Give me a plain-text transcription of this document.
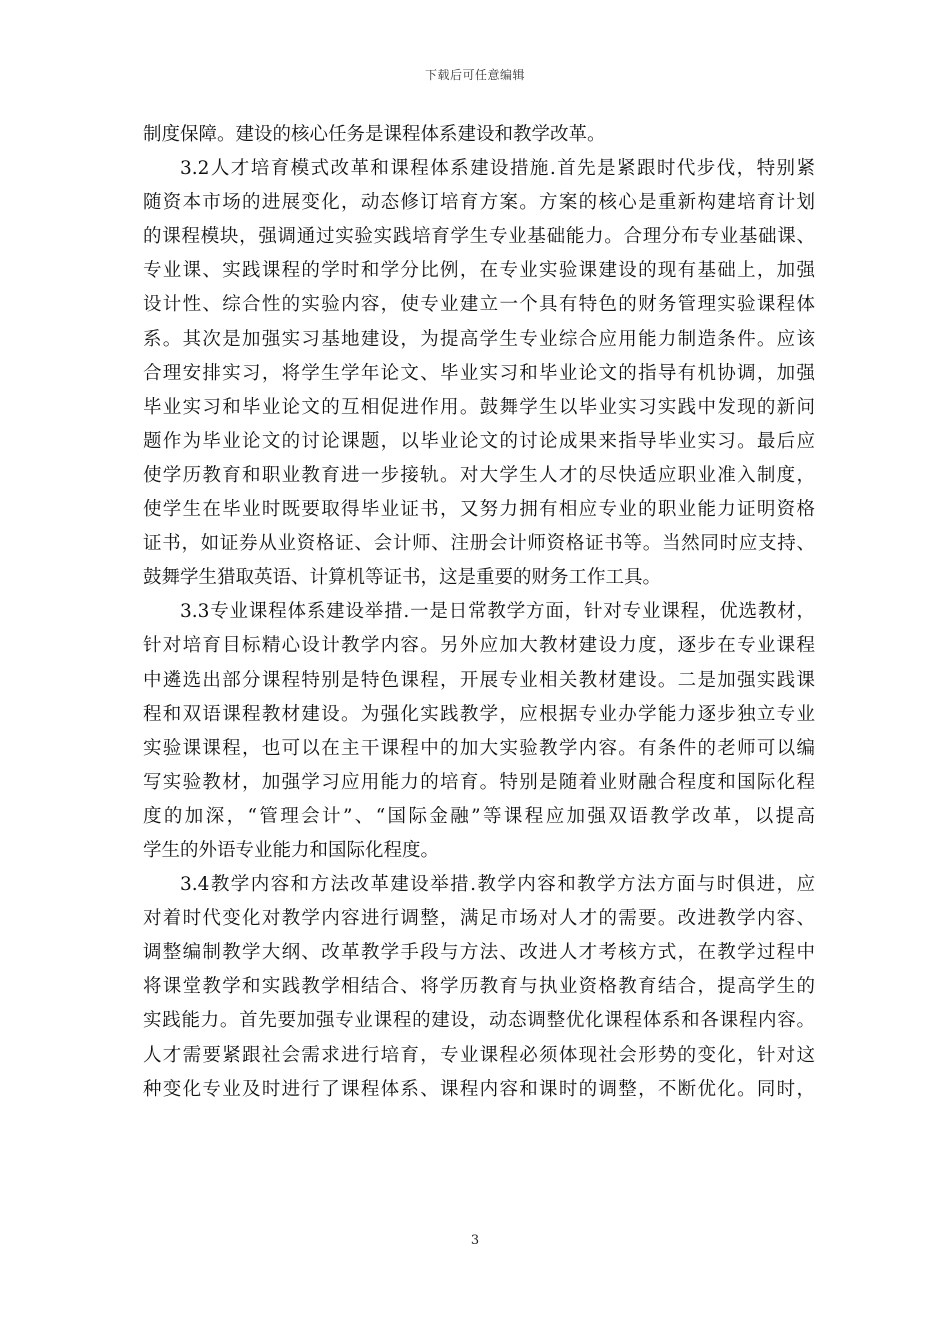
下载后可任意编辑
制度保障。建设的核心任务是课程体系建设和教学改革。
3.2人才培育模式改革和课程体系建设措施.首先是紧跟时代步伐，特别紧
随资本市场的进展变化，动态修订培育方案。方案的核心是重新构建培育计划
的课程模块，强调通过实验实践培育学生专业基础能力。合理分布专业基础课、
专业课、实践课程的学时和学分比例，在专业实验课建设的现有基础上，加强
设计性、综合性的实验内容，使专业建立一个具有特色的财务管理实验课程体
系。其次是加强实习基地建设，为提高学生专业综合应用能力制造条件。应该
合理安排实习，将学生学年论文、毕业实习和毕业论文的指导有机协调，加强
毕业实习和毕业论文的互相促进作用。鼓舞学生以毕业实习实践中发现的新问
题作为毕业论文的讨论课题，以毕业论文的讨论成果来指导毕业实习。最后应
使学历教育和职业教育进一步接轨。对大学生人才的尽快适应职业准入制度，
使学生在毕业时既要取得毕业证书，又努力拥有相应专业的职业能力证明资格
证书，如证券从业资格证、会计师、注册会计师资格证书等。当然同时应支持、
鼓舞学生猎取英语、计算机等证书，这是重要的财务工作工具。
3.3专业课程体系建设举措.一是日常教学方面，针对专业课程，优选教材，
针对培育目标精心设计教学内容。另外应加大教材建设力度，逐步在专业课程
中遴选出部分课程特别是特色课程，开展专业相关教材建设。二是加强实践课
程和双语课程教材建设。为强化实践教学，应根据专业办学能力逐步独立专业
实验课课程，也可以在主干课程中的加大实验教学内容。有条件的老师可以编
写实验教材，加强学习应用能力的培育。特别是随着业财融合程度和国际化程
度的加深，“管理会计”、“国际金融”等课程应加强双语教学改革，以提高
学生的外语专业能力和国际化程度。
3.4教学内容和方法改革建设举措.教学内容和教学方法方面与时俱进，应
对着时代变化对教学内容进行调整，满足市场对人才的需要。改进教学内容、
调整编制教学大纲、改革教学手段与方法、改进人才考核方式，在教学过程中
将课堂教学和实践教学相结合、将学历教育与执业资格教育结合，提高学生的
实践能力。首先要加强专业课程的建设，动态调整优化课程体系和各课程内容。
人才需要紧跟社会需求进行培育，专业课程必须体现社会形势的变化，针对这
种变化专业及时进行了课程体系、课程内容和课时的调整，不断优化。同时，
3
